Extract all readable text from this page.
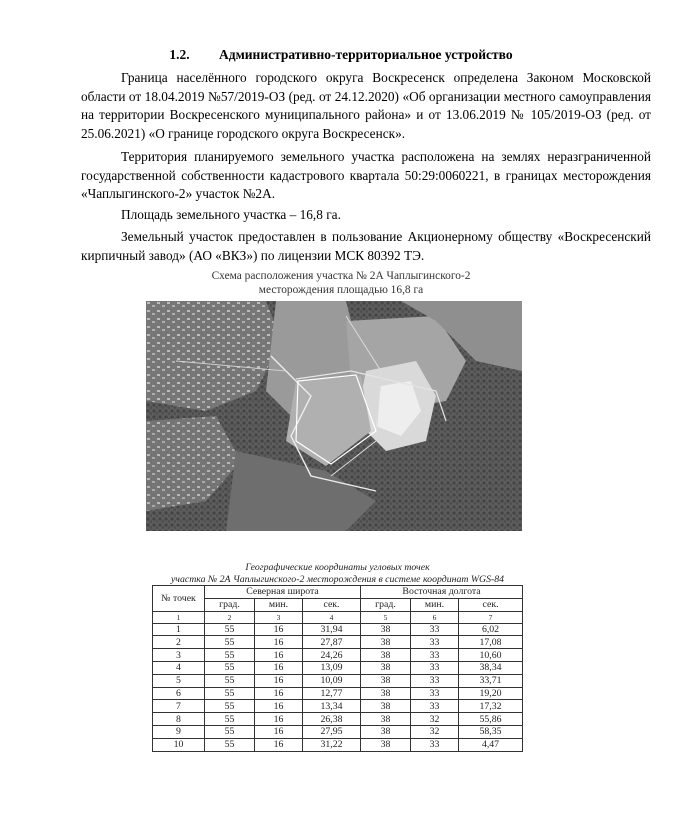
1.2. Административно-территориальное устройство
Граница населённого городского округа Воскресенск определена Законом Московской области от 18.04.2019 №57/2019-ОЗ (ред. от 24.12.2020) «Об организации местного самоуправления на территории Воскресенского муниципального района» и от 13.06.2019 № 105/2019-ОЗ (ред. от 25.06.2021) «О границе городского округа Воскресенск».
Территория планируемого земельного участка расположена на землях неразграниченной государственной собственности кадастрового квартала 50:29:0060221, в границах месторождения «Чаплыгинского-2» участок №2А.
Площадь земельного участка – 16,8 га.
Земельный участок предоставлен в пользование Акционерному обществу «Воскресенский кирпичный завод» (АО «ВКЗ») по лицензии МСК 80392 ТЭ.
Схема расположения участка № 2А Чаплыгинского-2
месторождения площадью 16,8 га
Географические координаты угловых точек						
участка № 2А Чаплыгинского-2 месторождения в системе координат WGS-84						
№ точек	Северная широта			Восточная долгота		
	град.	мин.	сек.	град.	мин.	сек.
1	2	3	4	5	6	7
1	55	16	31,94	38	33	6,02
2	55	16	27,87	38	33	17,08
3	55	16	24,26	38	33	10,60
4	55	16	13,09	38	33	38,34
5	55	16	10,09	38	33	33,71
6	55	16	12,77	38	33	19,20
7	55	16	13,34	38	33	17,32
8	55	16	26,38	38	32	55,86
9	55	16	27,95	38	32	58,35
10	55	16	31,22	38	33	4,47
